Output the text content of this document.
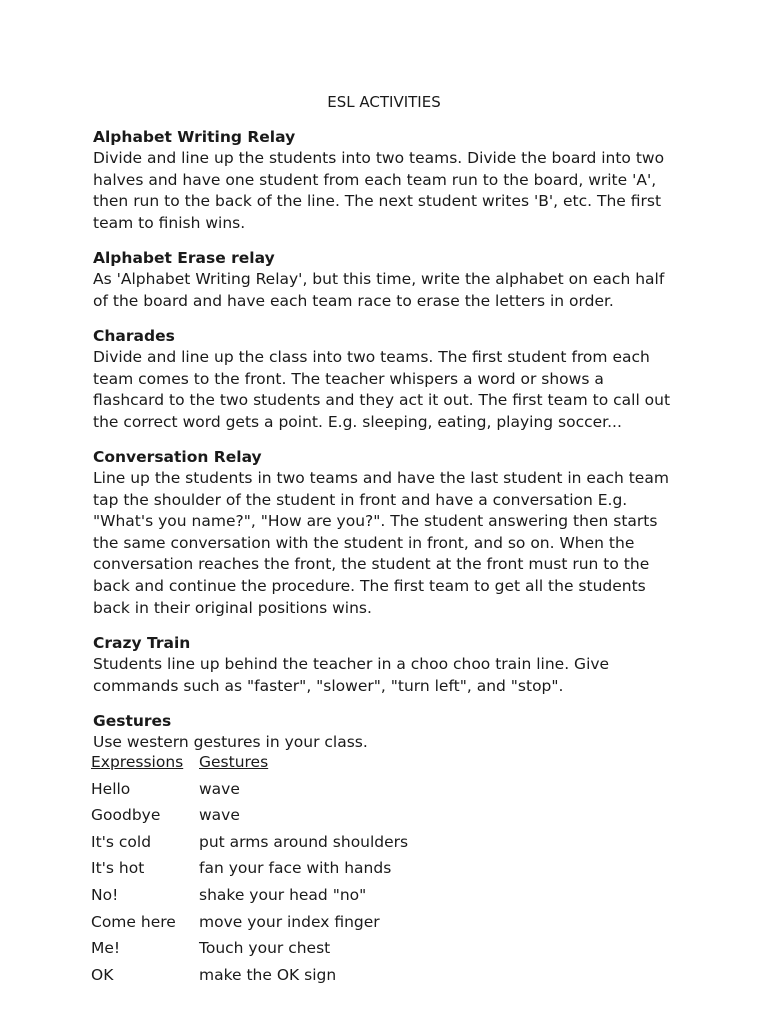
ESL ACTIVITIES
Alphabet Writing Relay

Divide and line up the students into two teams. Divide the board into two
halves and have one student from each team run to the board, write 'A',
then run to the back of the line. The next student writes 'B', etc. The first
team to finish wins.

Alphabet Erase relay

As 'Alphabet Writing Relay', but this time, write the alphabet on each half
of the board and have each team race to erase the letters in order.

Charades

Divide and line up the class into two teams. The first student from each
team comes to the front. The teacher whispers a word or shows a
flashcard to the two students and they act it out. The first team to call out
the correct word gets a point. E.g. sleeping, eating, playing soccer...

Conversation Relay

Line up the students in two teams and have the last student in each team
tap the shoulder of the student in front and have a conversation E.g.
"What's you name?", "How are you?". The student answering then starts
the same conversation with the student in front, and so on. When the
conversation reaches the front, the student at the front must run to the
back and continue the procedure. The first team to get all the students
back in their original positions wins.

Crazy Train

Students line up behind the teacher in a choo choo train line. Give
commands such as "faster", "slower", "turn left", and "stop".

Gestures

Use western gestures in your class.

Expressions	Gestures
Hello	wave
Goodbye	wave
It's cold	put arms around shoulders
It's hot	fan your face with hands
No!	shake your head "no"
Come here	move your index finger
Me!	Touch your chest
OK	make the OK sign
